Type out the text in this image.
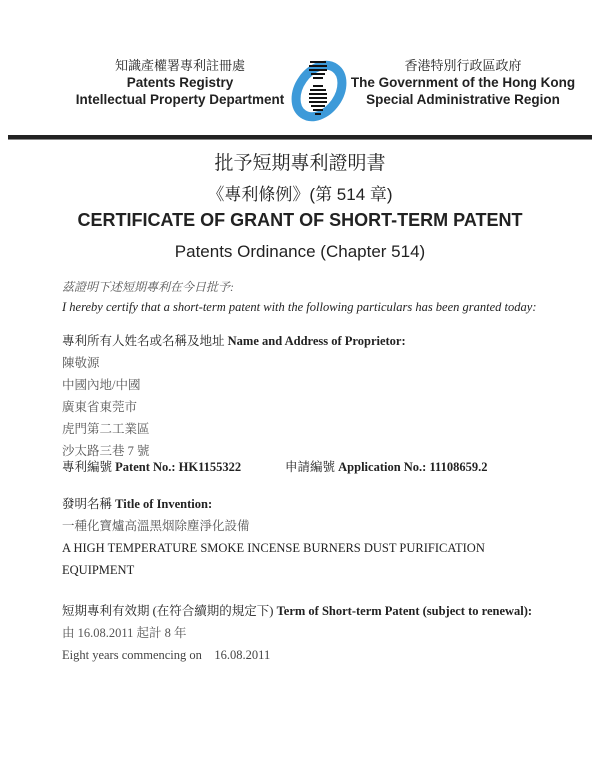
知識產權署專利註冊處
Patents Registry
Intellectual Property Department
香港特別行政區政府
The Government of the Hong Kong
Special Administrative Region
批予短期專利證明書
《專利條例》(第 514 章)
CERTIFICATE OF GRANT OF SHORT-TERM PATENT
Patents Ordinance (Chapter 514)
茲證明下述短期專利在今日批予:
I hereby certify that a short-term patent with the following particulars has been granted today:
專利所有人姓名或名稱及地址 Name and Address of Proprietor:
陳敬源
中國內地/中國
廣東省東莞市
虎門第二工業區
沙太路三巷 7 號
專利編號 Patent No.: HK1155322	申請編號 Application No.: 11108659.2
發明名稱 Title of Invention:
一種化寶爐高溫黑烟除塵淨化設備
A HIGH TEMPERATURE SMOKE INCENSE BURNERS DUST PURIFICATION
EQUIPMENT
短期專利有效期 (在符合續期的規定下) Term of Short-term Patent (subject to renewal):
由 16.08.2011 起計 8 年
Eight years commencing on 16.08.2011
